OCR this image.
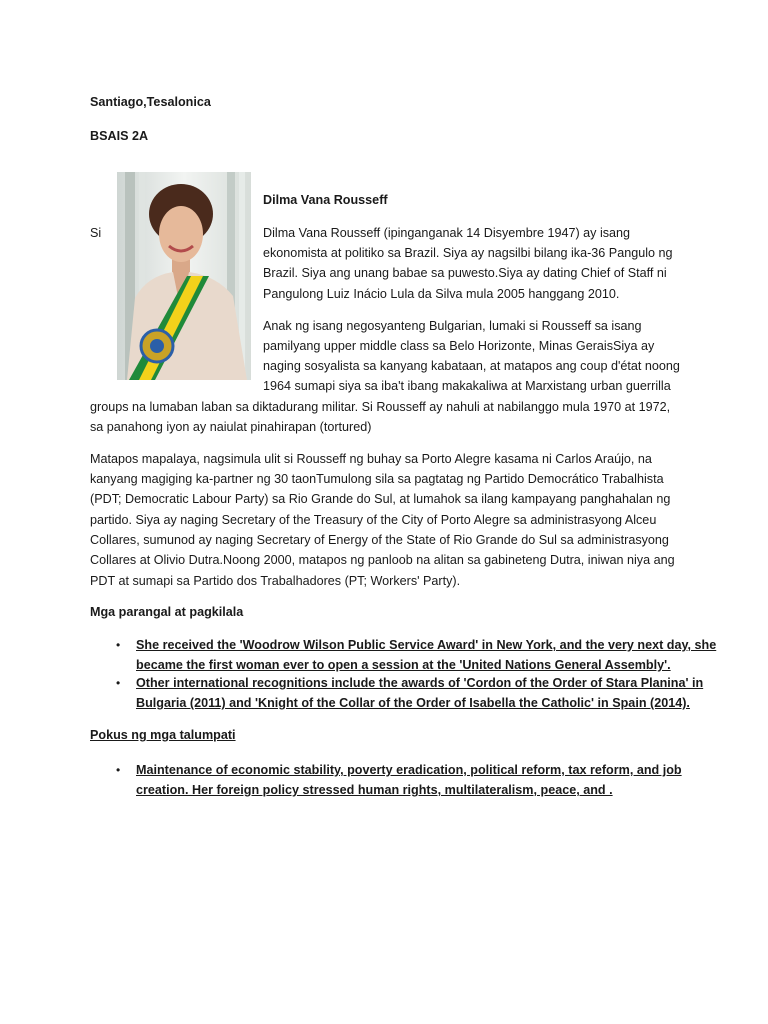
Santiago,Tesalonica
BSAIS 2A
Dilma Vana Rousseff
Si	Dilma Vana Rousseff (ipinganganak 14 Disyembre 1947) ay isang
ekonomista at politiko sa Brazil. Siya ay nagsilbi bilang ika-36 Pangulo ng
Brazil. Siya ang unang babae sa puwesto.Siya ay dating Chief of Staff ni
Pangulong Luiz Inácio Lula da Silva mula 2005 hanggang 2010.
Anak ng isang negosyanteng Bulgarian, lumaki si Rousseff sa isang
pamilyang upper middle class sa Belo Horizonte, Minas GeraisSiya ay
naging sosyalista sa kanyang kabataan, at matapos ang coup d'état noong
1964 sumapi siya sa iba't ibang makakaliwa at Marxistang urban guerrilla
groups na lumaban laban sa diktadurang militar. Si Rousseff ay nahuli at nabilanggo mula 1970 at 1972,
sa panahong iyon ay naiulat pinahirapan (tortured)
Matapos mapalaya, nagsimula ulit si Rousseff ng buhay sa Porto Alegre kasama ni Carlos Araújo, na
kanyang magiging ka-partner ng 30 taonTumulong sila sa pagtatag ng Partido Democrático Trabalhista
(PDT; Democratic Labour Party) sa Rio Grande do Sul, at lumahok sa ilang kampayang panghahalan ng
partido. Siya ay naging Secretary of the Treasury of the City of Porto Alegre sa administrasyong Alceu
Collares, sumunod ay naging Secretary of Energy of the State of Rio Grande do Sul sa administrasyong
Collares at Olivio Dutra.Noong 2000, matapos ng panloob na alitan sa gabineteng Dutra, iniwan niya ang
PDT at sumapi sa Partido dos Trabalhadores (PT; Workers' Party).
Mga parangal at pagkilala
• She received the 'Woodrow Wilson Public Service Award' in New York, and the very next day, she
became the first woman ever to open a session at the 'United Nations General Assembly'.
• Other international recognitions include the awards of 'Cordon of the Order of Stara Planina' in
Bulgaria (2011) and 'Knight of the Collar of the Order of Isabella the Catholic' in Spain (2014).
Pokus ng mga talumpati
• Maintenance of economic stability, poverty eradication, political reform, tax reform, and job
creation. Her foreign policy stressed human rights, multilateralism, peace, and .
